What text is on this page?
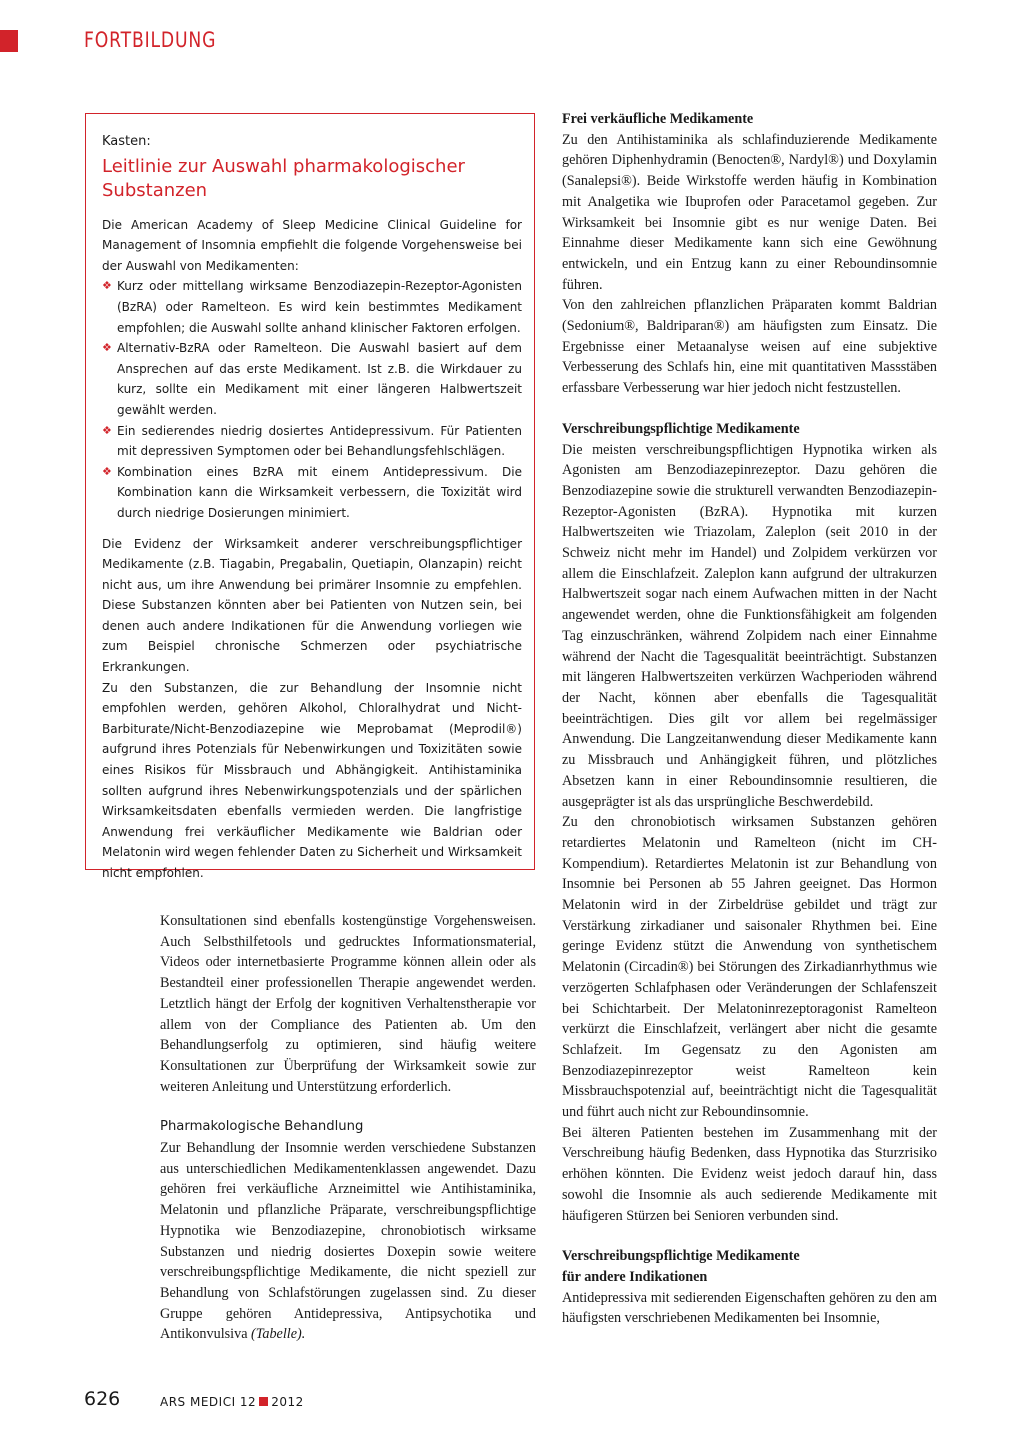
FORTBILDUNG

Kasten:

Leitlinie zur Auswahl pharmakologischer Substanzen

Die American Academy of Sleep Medicine Clinical Guideline for Management of Insomnia empfiehlt die folgende Vorgehensweise bei der Auswahl von Medikamenten:

❖ Kurz oder mittellang wirksame Benzodiazepin-Rezeptor-Agonisten (BzRA) oder Ramelteon. Es wird kein bestimmtes Medikament empfohlen; die Auswahl sollte anhand klinischer Faktoren erfolgen.
❖ Alternativ-BzRA oder Ramelteon. Die Auswahl basiert auf dem Ansprechen auf das erste Medikament. Ist z.B. die Wirkdauer zu kurz, sollte ein Medikament mit einer längeren Halbwertszeit gewählt werden.
❖ Ein sedierendes niedrig dosiertes Antidepressivum. Für Patienten mit depressiven Symptomen oder bei Behandlungsfehlschlägen.
❖ Kombination eines BzRA mit einem Antidepressivum. Die Kombination kann die Wirksamkeit verbessern, die Toxizität wird durch niedrige Dosierungen minimiert.

Die Evidenz der Wirksamkeit anderer verschreibungspflichtiger Medikamente (z.B. Tiagabin, Pregabalin, Quetiapin, Olanzapin) reicht nicht aus, um ihre Anwendung bei primärer Insomnie zu empfehlen. Diese Substanzen könnten aber bei Patienten von Nutzen sein, bei denen auch andere Indikationen für die Anwendung vorliegen wie zum Beispiel chronische Schmerzen oder psychiatrische Erkrankungen.

Zu den Substanzen, die zur Behandlung der Insomnie nicht empfohlen werden, gehören Alkohol, Chloralhydrat und Nicht-Barbiturate/Nicht-Benzodiazepine wie Meprobamat (Meprodil®) aufgrund ihres Potenzials für Nebenwirkungen und Toxizitäten sowie eines Risikos für Missbrauch und Abhängigkeit. Antihistaminika sollten aufgrund ihres Nebenwirkungspotenzials und der spärlichen Wirksamkeitsdaten ebenfalls vermieden werden. Die langfristige Anwendung frei verkäuflicher Medikamente wie Baldrian oder Melatonin wird wegen fehlender Daten zu Sicherheit und Wirksamkeit nicht empfohlen.

Konsultationen sind ebenfalls kostengünstige Vorgehensweisen. Auch Selbsthilfetools und gedrucktes Informationsmaterial, Videos oder internetbasierte Programme können allein oder als Bestandteil einer professionellen Therapie angewendet werden. Letztlich hängt der Erfolg der kognitiven Verhaltenstherapie vor allem von der Compliance des Patienten ab. Um den Behandlungserfolg zu optimieren, sind häufig weitere Konsultationen zur Überprüfung der Wirksamkeit sowie zur weiteren Anleitung und Unterstützung erforderlich.

Pharmakologische Behandlung

Zur Behandlung der Insomnie werden verschiedene Substanzen aus unterschiedlichen Medikamentenklassen angewendet. Dazu gehören frei verkäufliche Arzneimittel wie Antihistaminika, Melatonin und pflanzliche Präparate, verschreibungspflichtige Hypnotika wie Benzodiazepine, chronobiotisch wirksame Substanzen und niedrig dosiertes Doxepin sowie weitere verschreibungspflichtige Medikamente, die nicht speziell zur Behandlung von Schlafstörungen zugelassen sind. Zu dieser Gruppe gehören Antidepressiva, Antipsychotika und Antikonvulsiva (Tabelle).

Frei verkäufliche Medikamente

Zu den Antihistaminika als schlafinduzierende Medikamente gehören Diphenhydramin (Benocten®, Nardyl®) und Doxylamin (Sanalepsi®). Beide Wirkstoffe werden häufig in Kombination mit Analgetika wie Ibuprofen oder Paracetamol gegeben. Zur Wirksamkeit bei Insomnie gibt es nur wenige Daten. Bei Einnahme dieser Medikamente kann sich eine Gewöhnung entwickeln, und ein Entzug kann zu einer Reboundinsomnie führen.

Von den zahlreichen pflanzlichen Präparaten kommt Baldrian (Sedonium®, Baldriparan®) am häufigsten zum Einsatz. Die Ergebnisse einer Metaanalyse weisen auf eine subjektive Verbesserung des Schlafs hin, eine mit quantitativen Massstäben erfassbare Verbesserung war hier jedoch nicht festzustellen.

Verschreibungspflichtige Medikamente

Die meisten verschreibungspflichtigen Hypnotika wirken als Agonisten am Benzodiazepinrezeptor. Dazu gehören die Benzodiazepine sowie die strukturell verwandten Benzodiazepin-Rezeptor-Agonisten (BzRA). Hypnotika mit kurzen Halbwertszeiten wie Triazolam, Zaleplon (seit 2010 in der Schweiz nicht mehr im Handel) und Zolpidem verkürzen vor allem die Einschlafzeit. Zaleplon kann aufgrund der ultrakurzen Halbwertszeit sogar nach einem Aufwachen mitten in der Nacht angewendet werden, ohne die Funktionsfähigkeit am folgenden Tag einzuschränken, während Zolpidem nach einer Einnahme während der Nacht die Tagesqualität beeinträchtigt. Substanzen mit längeren Halbwertszeiten verkürzen Wachperioden während der Nacht, können aber ebenfalls die Tagesqualität beeinträchtigen. Dies gilt vor allem bei regelmässiger Anwendung. Die Langzeitanwendung dieser Medikamente kann zu Missbrauch und Anhängigkeit führen, und plötzliches Absetzen kann in einer Reboundinsomnie resultieren, die ausgeprägter ist als das ursprüngliche Beschwerdebild.

Zu den chronobiotisch wirksamen Substanzen gehören retardiertes Melatonin und Ramelteon (nicht im CH-Kompendium). Retardiertes Melatonin ist zur Behandlung von Insomnie bei Personen ab 55 Jahren geeignet. Das Hormon Melatonin wird in der Zirbeldrüse gebildet und trägt zur Verstärkung zirkadianer und saisonaler Rhythmen bei. Eine geringe Evidenz stützt die Anwendung von synthetischem Melatonin (Circadin®) bei Störungen des Zirkadianrhythmus wie verzögerten Schlafphasen oder Veränderungen der Schlafenszeit bei Schichtarbeit. Der Melatoninrezeptoragonist Ramelteon verkürzt die Einschlafzeit, verlängert aber nicht die gesamte Schlafzeit. Im Gegensatz zu den Agonisten am Benzodiazepinrezeptor weist Ramelteon kein Missbrauchspotenzial auf, beeinträchtigt nicht die Tagesqualität und führt auch nicht zur Reboundinsomnie.

Bei älteren Patienten bestehen im Zusammenhang mit der Verschreibung häufig Bedenken, dass Hypnotika das Sturzrisiko erhöhen könnten. Die Evidenz weist jedoch darauf hin, dass sowohl die Insomnie als auch sedierende Medikamente mit häufigeren Stürzen bei Senioren verbunden sind.

Verschreibungspflichtige Medikamente
für andere Indikationen

Antidepressiva mit sedierenden Eigenschaften gehören zu den am häufigsten verschriebenen Medikamenten bei Insomnie,

626	ARS MEDICI 12 2012
